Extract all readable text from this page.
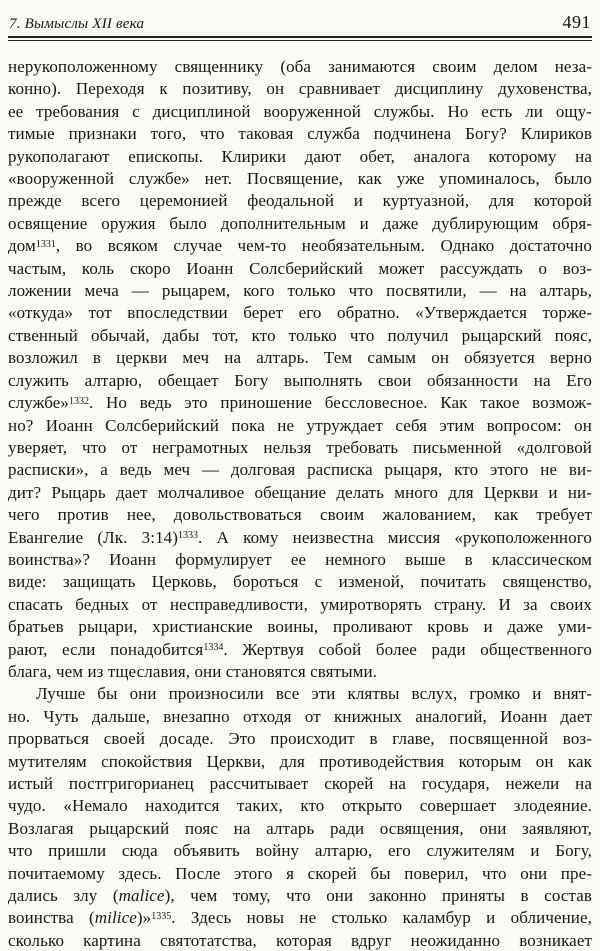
7. Вымыслы XII века	491
нерукоположенному священнику (оба занимаются своим делом неза-
конно). Переходя к позитиву, он сравнивает дисциплину духовенства,
ее требования с дисциплиной вооруженной службы. Но есть ли ощу-
тимые признаки того, что таковая служба подчинена Богу? Клириков
рукополагают епископы. Клирики дают обет, аналога которому на
«вооруженной службе» нет. Посвящение, как уже упоминалось, было
прежде всего церемонией феодальной и куртуазной, для которой
освящение оружия было дополнительным и даже дублирующим обря-
дом$^{1331}$, во всяком случае чем-то необязательным. Однако достаточно
частым, коль скоро Иоанн Солсберийский может рассуждать о воз-
ложении меча — рыцарем, кого только что посвятили, — на алтарь,
«откуда» тот впоследствии берет его обратно. «Утверждается торже-
ственный обычай, дабы тот, кто только что получил рыцарский пояс,
возложил в церкви меч на алтарь. Тем самым он обязуется верно
служить алтарю, обещает Богу выполнять свои обязанности на Его
службе»$^{1332}$. Но ведь это приношение бессловесное. Как такое возмож-
но? Иоанн Солсберийский пока не утруждает себя этим вопросом: он
уверяет, что от неграмотных нельзя требовать письменной «долговой
расписки», а ведь меч — долговая расписка рыцаря, кто этого не ви-
дит? Рыцарь дает молчаливое обещание делать много для Церкви и ни-
чего против нее, довольствоваться своим жалованием, как требует
Евангелие (Лк. 3:14)$^{1333}$. А кому неизвестна миссия «рукоположенного
воинства»? Иоанн формулирует ее немного выше в классическом
виде: защищать Церковь, бороться с изменой, почитать священство,
спасать бедных от несправедливости, умиротворять страну. И за своих
братьев рыцари, христианские воины, проливают кровь и даже уми-
рают, если понадобится$^{1334}$. Жертвуя собой более ради общественного
блага, чем из тщеславия, они становятся святыми.
Лучше бы они произносили все эти клятвы вслух, громко и внят-
но. Чуть дальше, внезапно отходя от книжных аналогий, Иоанн дает
прорваться своей досаде. Это происходит в главе, посвященной воз-
мутителям спокойствия Церкви, для противодействия которым он как
истый постгригорианец рассчитывает скорей на государя, нежели на
чудо. «Немало находится таких, кто открыто совершает злодеяние.
Возлагая рыцарский пояс на алтарь ради освящения, они заявляют,
что пришли сюда объявить войну алтарю, его служителям и Богу,
почитаемому здесь. После этого я скорей бы поверил, что они пре-
дались злу (malice), чем тому, что они законно приняты в состав
воинства (milice)»$^{1335}$. Здесь новы не столько каламбур и обличение,
сколько картина святотатства, которая вдруг неожиданно возникает
